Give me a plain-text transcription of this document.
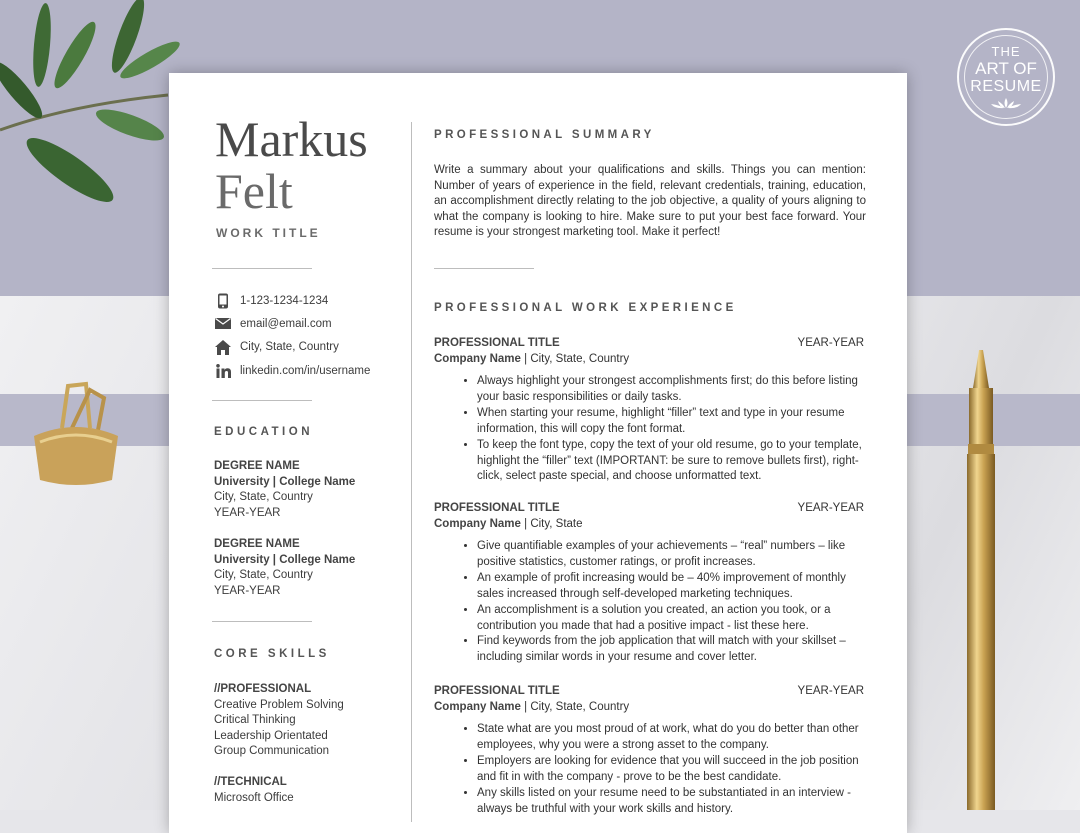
THE
ART OF
RESUME
Markus
Felt
WORK TITLE
1-123-1234-1234
email@email.com
City, State, Country
linkedin.com/in/username
EDUCATION
DEGREE NAME
University | College Name
City, State, Country
YEAR-YEAR
DEGREE NAME
University | College Name
City, State, Country
YEAR-YEAR
CORE SKILLS
//PROFESSIONAL
Creative Problem Solving
Critical Thinking
Leadership Orientated
Group Communication
//TECHNICAL
Microsoft Office
PROFESSIONAL SUMMARY
Write a summary about your qualifications and skills. Things you can mention: Number of years of experience in the field, relevant credentials, training, education, an accomplishment directly relating to the job objective, a quality of yours aligning to what the company is looking to hire. Make sure to put your best face forward. Your resume is your strongest marketing tool. Make it perfect!
PROFESSIONAL WORK EXPERIENCE
PROFESSIONAL TITLE	YEAR-YEAR
Company Name | City, State, Country
• Always highlight your strongest accomplishments first; do this before listing your basic responsibilities or daily tasks.
• When starting your resume, highlight “filler” text and type in your resume information, this will copy the font format.
• To keep the font type, copy the text of your old resume, go to your template, highlight the “filler” text (IMPORTANT: be sure to remove bullets first), right-click, select paste special, and choose unformatted text.
PROFESSIONAL TITLE	YEAR-YEAR
Company Name | City, State
• Give quantifiable examples of your achievements – “real” numbers – like positive statistics, customer ratings, or profit increases.
• An example of profit increasing would be – 40% improvement of monthly sales increased through self-developed marketing techniques.
• An accomplishment is a solution you created, an action you took, or a contribution you made that had a positive impact - list these here.
• Find keywords from the job application that will match with your skillset – including similar words in your resume and cover letter.
PROFESSIONAL TITLE	YEAR-YEAR
Company Name | City, State, Country
• State what are you most proud of at work, what do you do better than other employees, why you were a strong asset to the company.
• Employers are looking for evidence that you will succeed in the job position and fit in with the company - prove to be the best candidate.
• Any skills listed on your resume need to be substantiated in an interview - always be truthful with your work skills and history.
